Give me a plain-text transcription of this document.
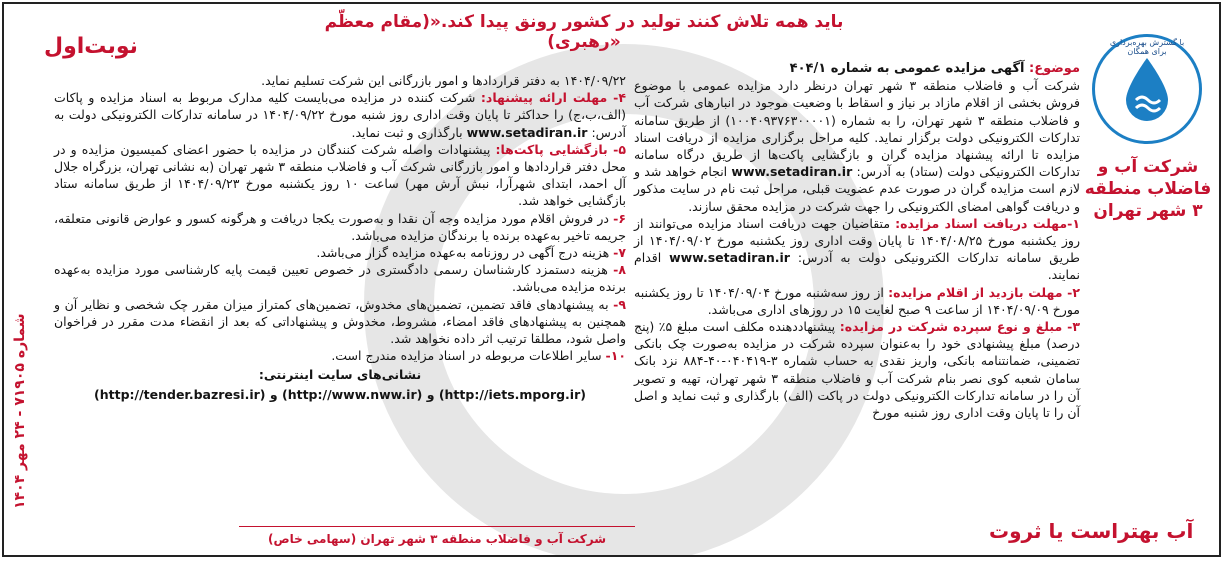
باید همه تلاش کنند تولید در کشور رونق پیدا کند.«(مقام معظّم رهبری)»
نوبت‌اول
شماره ۷۱۹۰۵ - ۲۴ مهر ۱۴۰۴
با گسترش بهره‌برداری برای همگان
شرکت آب و فاضلاب منطقه ۳ شهر تهران

موضوع: آگهی مزایده عمومی به شماره ۴۰۴/۱

شرکت آب و فاضلاب منطقه ۳ شهر تهران درنظر دارد مزایده عمومی با موضوع فروش بخشی از اقلام مازاد بر نیاز و اسقاط با وضعیت موجود در انبارهای شرکت آب و فاضلاب منطقه ۳ شهر تهران، را به شماره (۱۰۰۴۰۹۳۷۶۳۰۰۰۰۱) از طریق سامانه تدارکات الکترونیکی دولت برگزار نماید. کلیه مراحل برگزاری مزایده از دریافت اسناد مزایده تا ارائه پیشنهاد مزایده گران و بازگشایی پاکت‌ها از طریق درگاه سامانه تدارکات الکترونیکی دولت (ستاد) به آدرس: www.setadiran.ir انجام خواهد شد و لازم است مزایده گران در صورت عدم عضویت قبلی، مراحل ثبت نام در سایت مذکور و دریافت گواهی امضای الکترونیکی را جهت شرکت در مزایده محقق سازند.

۱-مهلت دریافت اسناد مزایده: متقاضیان جهت دریافت اسناد مزایده می‌توانند از روز یکشنبه مورخ ۱۴۰۴/۰۸/۲۵ تا پایان وقت اداری روز یکشنبه مورخ ۱۴۰۴/۰۹/۰۲ از طریق سامانه تدارکات الکترونیکی دولت به آدرس: www.setadiran.ir اقدام نمایند.

۲- مهلت بازدید از اقلام مزایده: از روز سه‌شنبه مورخ ۱۴۰۴/۰۹/۰۴ تا روز یکشنبه مورخ ۱۴۰۴/۰۹/۰۹ از ساعت ۹ صبح لغایت ۱۵ در روزهای اداری می‌باشد.

۳- مبلغ و نوع سپرده شرکت در مزایده: پیشنهاددهنده مکلف است مبلغ ۵٪ (پنج درصد) مبلغ پیشنهادی خود را به‌عنوان سپرده شرکت در مزایده به‌صورت چک بانکی تضمینی، ضمانتنامه بانکی، واریز نقدی به حساب شماره ۳-۰۴۰۴۱۹-۴۰-۸۸۴ نزد بانک سامان شعبه کوی نصر بنام شرکت آب و فاضلاب منطقه ۳ شهر تهران، تهیه و تصویر آن را در سامانه تدارکات الکترونیکی دولت در پاکت (الف) بارگذاری و ثبت نماید و اصل آن را تا پایان وقت اداری روز شنبه مورخ

۱۴۰۴/۰۹/۲۲ به دفتر قراردادها و امور بازرگانی این شرکت تسلیم نماید.

۴- مهلت ارائه پیشنهاد: شرکت کننده در مزایده می‌بایست کلیه مدارک مربوط به اسناد مزایده و پاکات (الف،ب،ج) را حداکثر تا پایان وقت اداری روز شنبه مورخ ۱۴۰۴/۰۹/۲۲ در سامانه تدارکات الکترونیکی دولت به آدرس: www.setadiran.ir بارگذاری و ثبت نماید.

۵- بازگشایی پاکت‌ها: پیشنهادات واصله شرکت کنندگان در مزایده با حضور اعضای کمیسیون مزایده و در محل دفتر قراردادها و امور بازرگانی شرکت آب و فاضلاب منطقه ۳ شهر تهران (به نشانی تهران، بزرگراه جلال آل احمد، ابتدای شهرآرا، نبش آرش مهر) ساعت ۱۰ روز یکشنبه مورخ ۱۴۰۴/۰۹/۲۳ از طریق سامانه ستاد بازگشایی خواهد شد.

۶- در فروش اقلام مورد مزایده وجه آن نقدا و به‌صورت یکجا دریافت و هرگونه کسور و عوارض قانونی متعلقه، جریمه تاخیر به‌عهده برنده یا برندگان مزایده می‌باشد.

۷- هزینه درج آگهی در روزنامه به‌عهده مزایده گزار می‌باشد.

۸- هزینه دستمزد کارشناسان رسمی دادگستری در خصوص تعیین قیمت پایه کارشناسی مورد مزایده به‌عهده برنده مزایده می‌باشد.

۹- به پیشنهادهای فاقد تضمین، تضمین‌های مخدوش، تضمین‌های کمتراز میزان مقرر چک شخصی و نظایر آن و همچنین به پیشنهادهای فاقد امضاء، مشروط، مخدوش و پیشنهاداتی که بعد از انقضاء مدت مقرر در فراخوان واصل شود، مطلقا ترتیب اثر داده نخواهد شد.

۱۰- سایر اطلاعات مربوطه در اسناد مزایده مندرج است.

نشانی‌های سایت اینترنتی:

(http://tender.bazresi.ir) و (http://www.nww.ir) و (http://iets.mporg.ir)

آب بهتراست یا ثروت
شرکت آب و فاضلاب منطقه ۳ شهر تهران (سهامی خاص)
